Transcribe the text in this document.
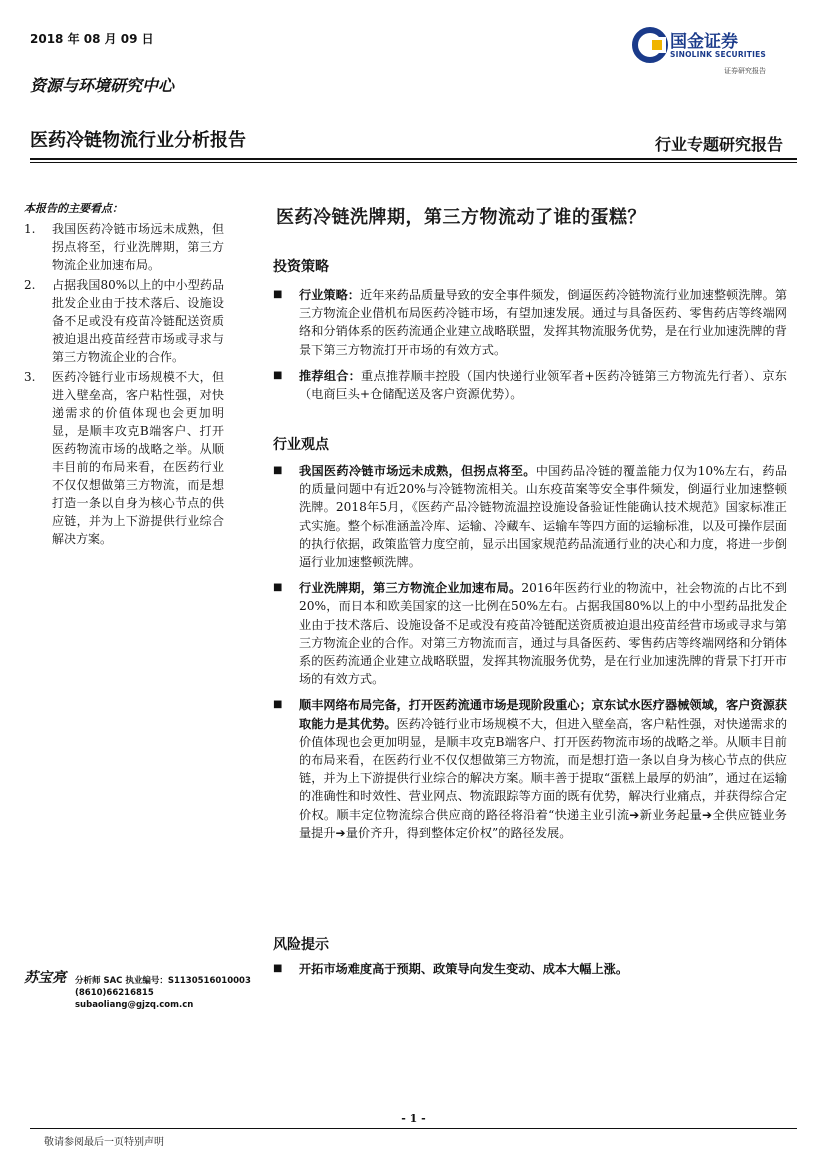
2018 年 08 月 09 日
资源与环境研究中心
医药冷链物流行业分析报告	行业专题研究报告
国金证券
SINOLINK SECURITIES
证券研究报告
本报告的主要看点：
1.	我国医药冷链市场远未成熟，但拐点将至，行业洗牌期，第三方物流企业加速布局。
2.	占据我国80%以上的中小型药品批发企业由于技术落后、设施设备不足或没有疫苗冷链配送资质被迫退出疫苗经营市场或寻求与第三方物流企业的合作。
3.	医药冷链行业市场规模不大，但进入壁垒高，客户粘性强，对快递需求的价值体现也会更加明显，是顺丰攻克B端客户、打开医药物流市场的战略之举。从顺丰目前的布局来看，在医药行业不仅仅想做第三方物流，而是想打造一条以自身为核心节点的供应链，并为上下游提供行业综合解决方案。
苏宝亮 分析师 SAC 执业编号：S1130516010003
(8610)66216815
subaoliang@gjzq.com.cn
医药冷链洗牌期，第三方物流动了谁的蛋糕？
投资策略
■	行业策略：近年来药品质量导致的安全事件频发，倒逼医药冷链物流行业加速整顿洗牌。第三方物流企业借机布局医药冷链市场，有望加速发展。通过与具备医药、零售药店等终端网络和分销体系的医药流通企业建立战略联盟，发挥其物流服务优势，是在行业加速洗牌的背景下第三方物流打开市场的有效方式。
■	推荐组合：重点推荐顺丰控股（国内快递行业领军者+医药冷链第三方物流先行者）、京东（电商巨头+仓储配送及客户资源优势）。
行业观点
■	我国医药冷链市场远未成熟，但拐点将至。中国药品冷链的覆盖能力仅为10%左右，药品的质量问题中有近20%与冷链物流相关。山东疫苗案等安全事件频发，倒逼行业加速整顿洗牌。2018年5月，《医药产品冷链物流温控设施设备验证性能确认技术规范》国家标准正式实施。整个标准涵盖冷库、运输、冷藏车、运输车等四方面的运输标准，以及可操作层面的执行依据，政策监管力度空前，显示出国家规范药品流通行业的决心和力度，将进一步倒逼行业加速整顿洗牌。
■	行业洗牌期，第三方物流企业加速布局。2016年医药行业的物流中，社会物流的占比不到20%，而日本和欧美国家的这一比例在50%左右。占据我国80%以上的中小型药品批发企业由于技术落后、设施设备不足或没有疫苗冷链配送资质被迫退出疫苗经营市场或寻求与第三方物流企业的合作。对第三方物流而言，通过与具备医药、零售药店等终端网络和分销体系的医药流通企业建立战略联盟，发挥其物流服务优势，是在行业加速洗牌的背景下打开市场的有效方式。
■	顺丰网络布局完备，打开医药流通市场是现阶段重心；京东试水医疗器械领域，客户资源获取能力是其优势。医药冷链行业市场规模不大，但进入壁垒高，客户粘性强，对快递需求的价值体现也会更加明显，是顺丰攻克B端客户、打开医药物流市场的战略之举。从顺丰目前的布局来看，在医药行业不仅仅想做第三方物流，而是想打造一条以自身为核心节点的供应链，并为上下游提供行业综合的解决方案。顺丰善于提取“蛋糕上最厚的奶油”，通过在运输的准确性和时效性、营业网点、物流跟踪等方面的既有优势，解决行业痛点，并获得综合定价权。顺丰定位物流综合供应商的路径将沿着“快递主业引流➔新业务起量➔全供应链业务量提升➔量价齐升，得到整体定价权”的路径发展。
风险提示
■	开拓市场难度高于预期、政策导向发生变动、成本大幅上涨。
- 1 -
敬请参阅最后一页特别声明
